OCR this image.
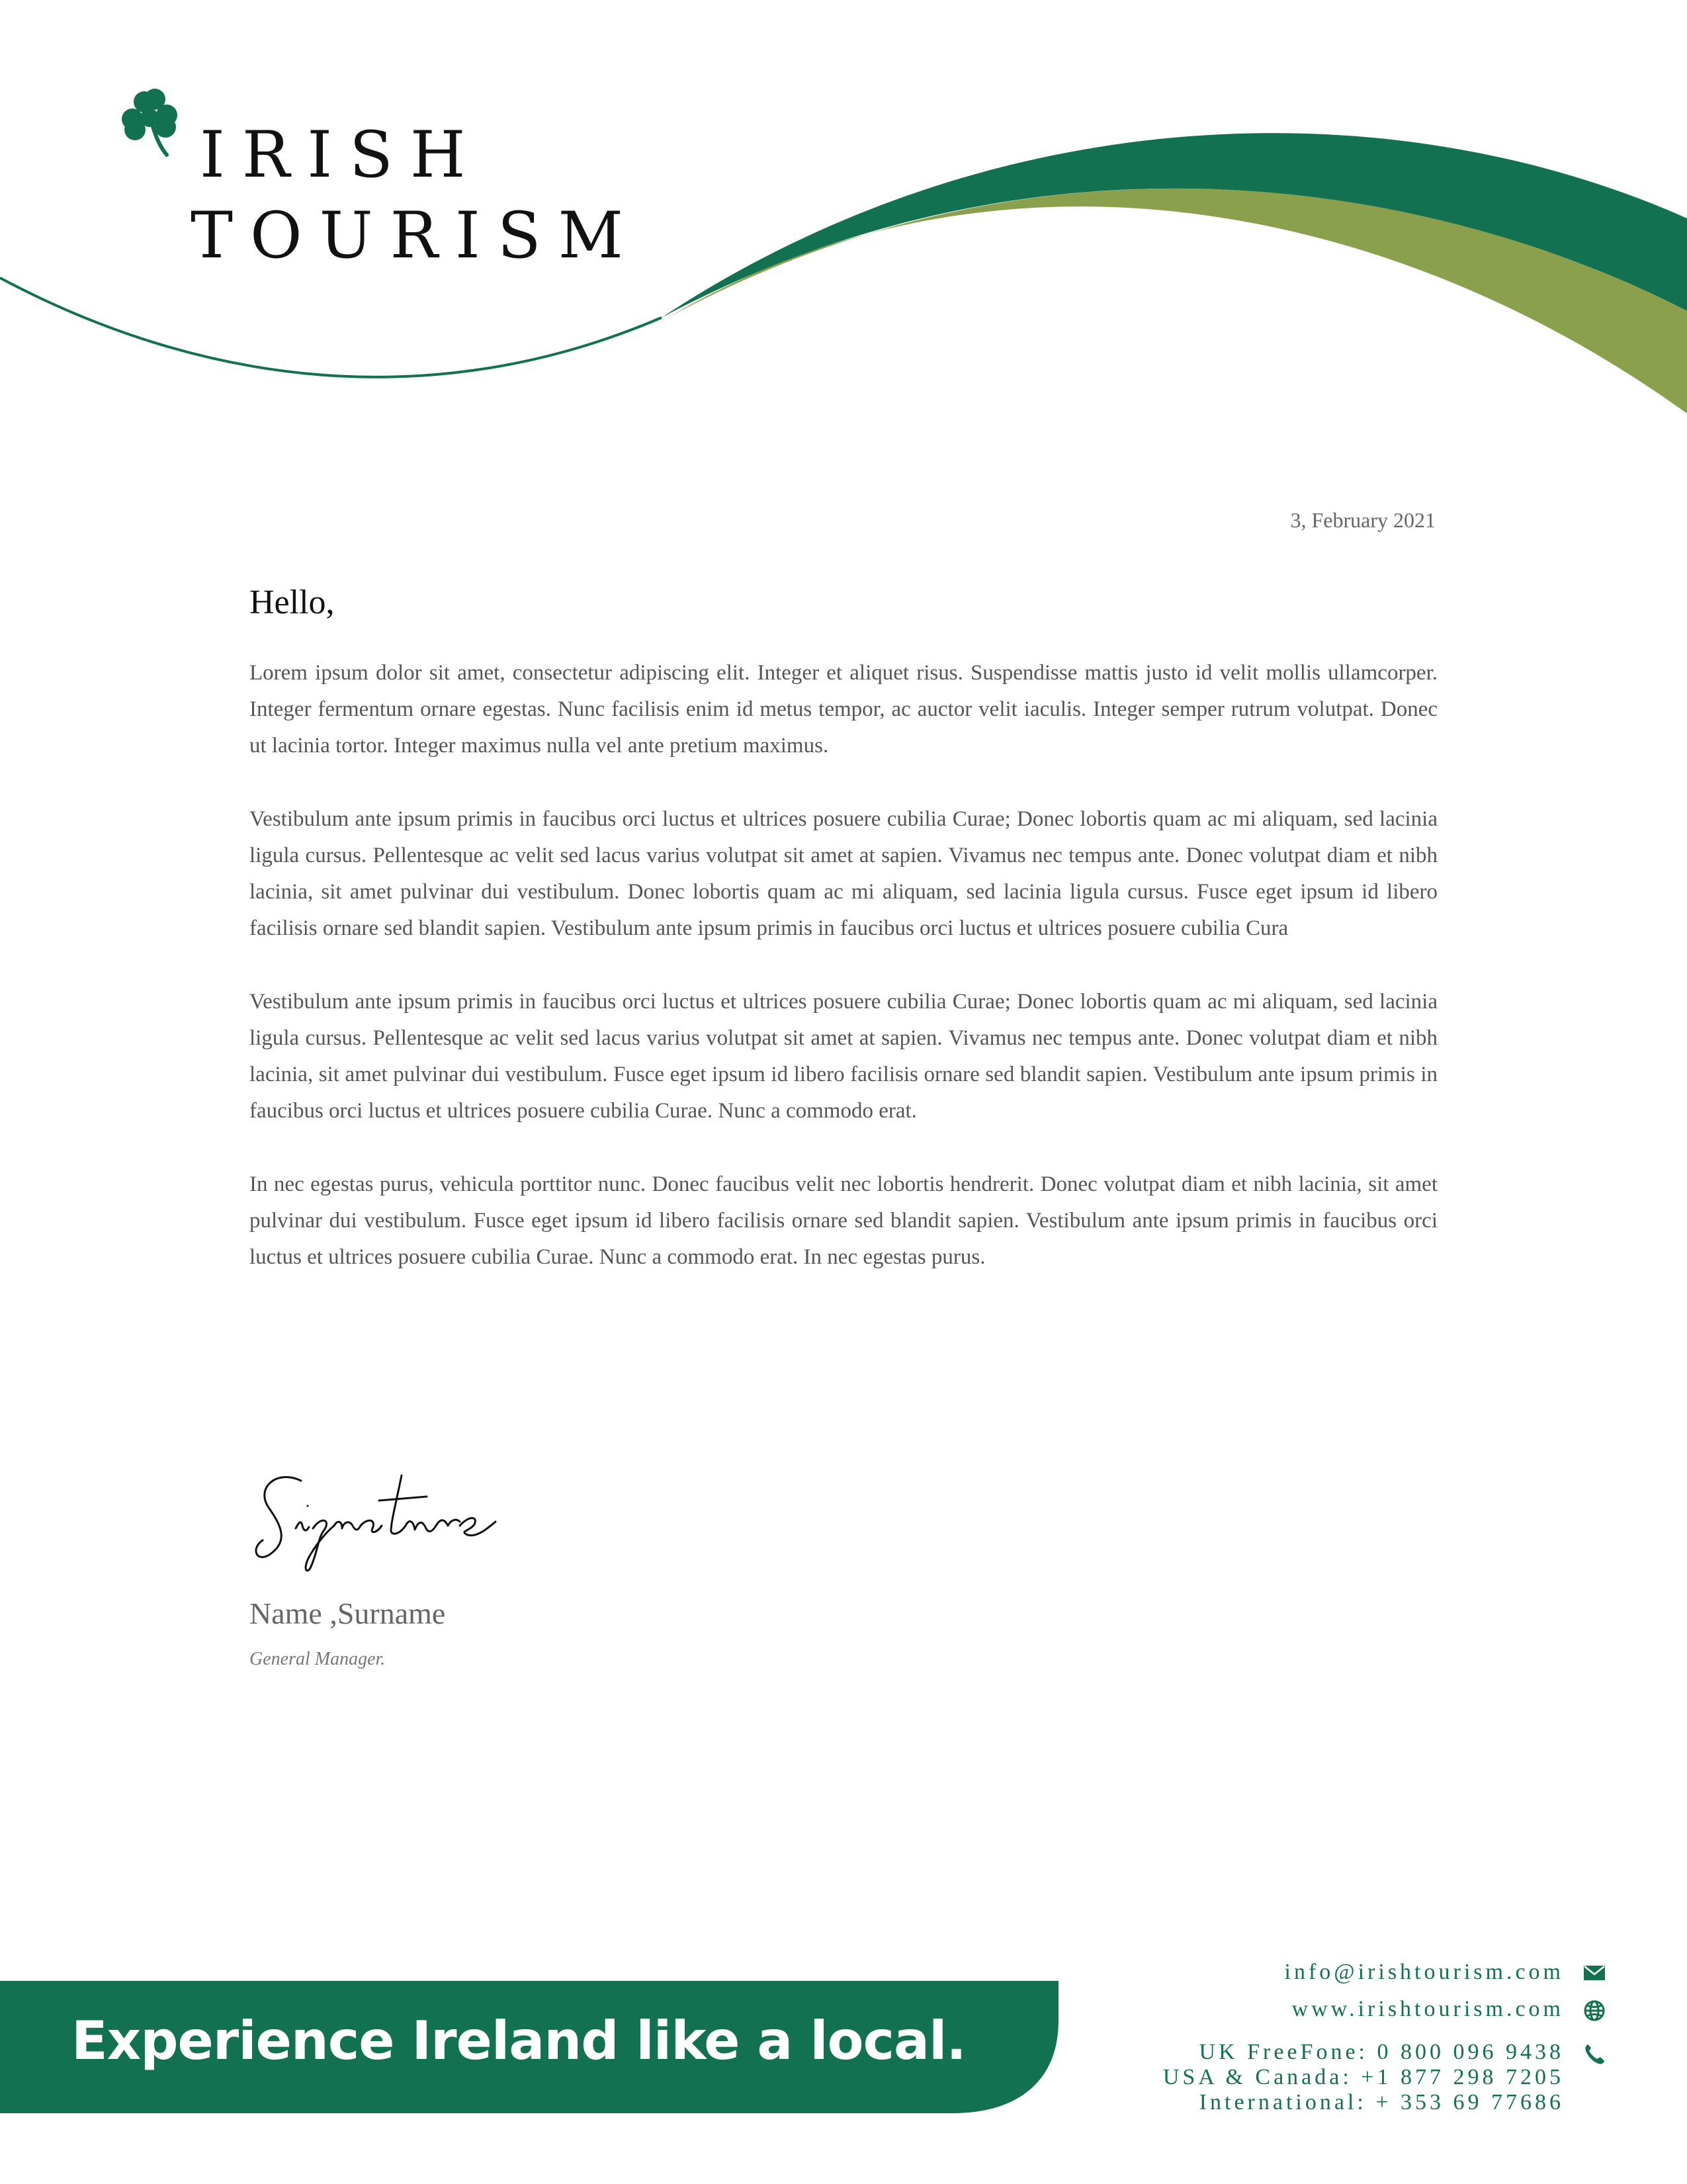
IRISH
TOURISM
3, February 2021

Hello,

Lorem ipsum dolor sit amet, consectetur adipiscing elit. Integer et aliquet risus. Suspendisse mattis justo id velit mollis ullamcorper. Integer fermentum ornare egestas. Nunc facilisis enim id metus tempor, ac auctor velit iaculis. Integer semper rutrum volutpat. Donec ut lacinia tortor. Integer maximus nulla vel ante pretium maximus.

Vestibulum ante ipsum primis in faucibus orci luctus et ultrices posuere cubilia Curae; Donec lobortis quam ac mi aliquam, sed lacinia ligula cursus. Pellentesque ac velit sed lacus varius volutpat sit amet at sapien. Vivamus nec tempus ante. Donec volutpat diam et nibh lacinia, sit amet pulvinar dui vestibulum. Donec lobortis quam ac mi aliquam, sed lacinia ligula cursus. Fusce eget ipsum id libero facilisis ornare sed blandit sapien. Vestibulum ante ipsum primis in faucibus orci luctus et ultrices posuere cubilia Cura

Vestibulum ante ipsum primis in faucibus orci luctus et ultrices posuere cubilia Curae; Donec lobortis quam ac mi aliquam, sed lacinia ligula cursus. Pellentesque ac velit sed lacus varius volutpat sit amet at sapien. Vivamus nec tempus ante. Donec volutpat diam et nibh lacinia, sit amet pulvinar dui vestibulum. Fusce eget ipsum id libero facilisis ornare sed blandit sapien. Vestibulum ante ipsum primis in faucibus orci luctus et ultrices posuere cubilia Curae. Nunc a commodo erat.

In nec egestas purus, vehicula porttitor nunc. Donec faucibus velit nec lobortis hendrerit. Donec volutpat diam et nibh lacinia, sit amet pulvinar dui vestibulum. Fusce eget ipsum id libero facilisis ornare sed blandit sapien. Vestibulum ante ipsum primis in faucibus orci luctus et ultrices posuere cubilia Curae. Nunc a commodo erat. In nec egestas purus.

Name ,Surname
General Manager.
Experience Ireland like a local.
info@irishtourism.com
www.irishtourism.com
UK FreeFone: 0 800 096 9438
USA & Canada: +1 877 298 7205
International: + 353 69 77686
